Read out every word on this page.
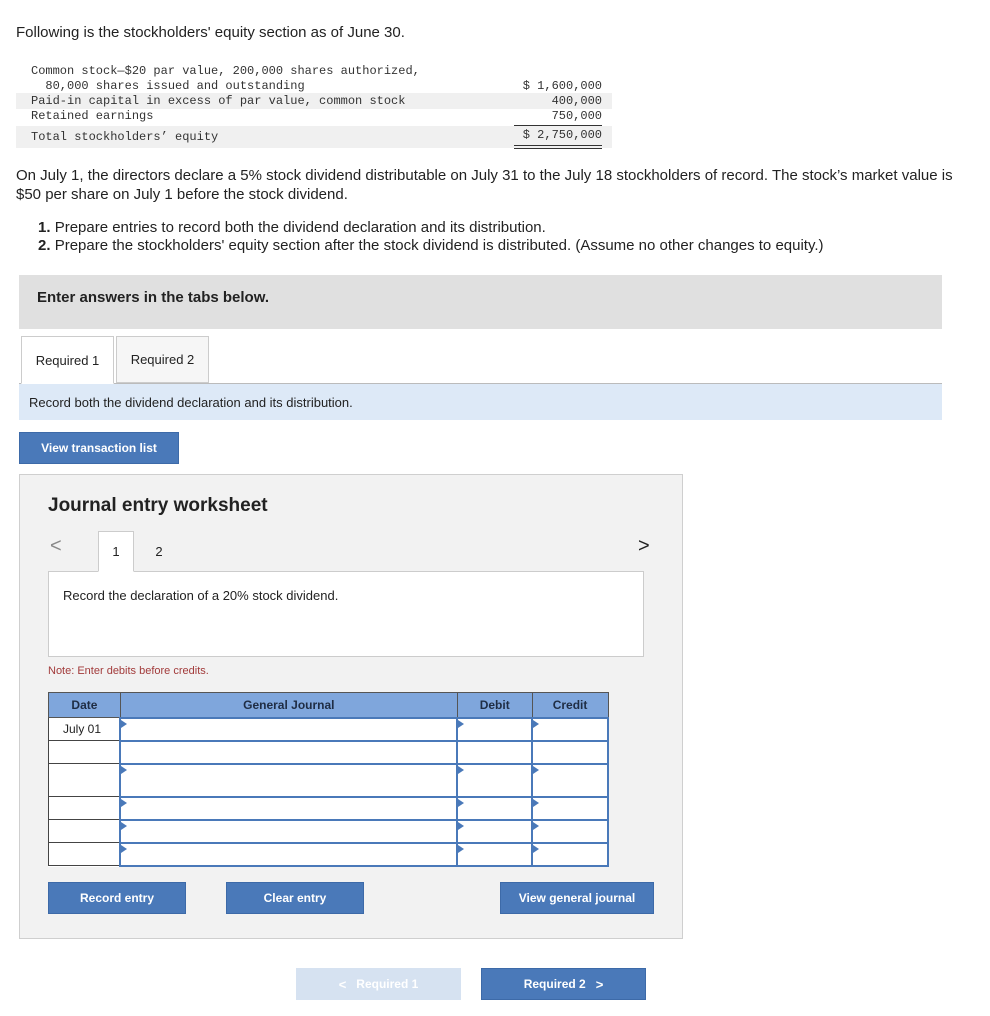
Following is the stockholders' equity section as of June 30.
Common stock—$20 par value, 200,000 shares authorized,
80,000 shares issued and outstanding	$ 1,600,000
Paid-in capital in excess of par value, common stock	400,000
Retained earnings	750,000
Total stockholders’ equity	$ 2,750,000
On July 1, the directors declare a 5% stock dividend distributable on July 31 to the July 18 stockholders of record. The stock’s market value is $50 per share on July 1 before the stock dividend.
1. Prepare entries to record both the dividend declaration and its distribution.
2. Prepare the stockholders' equity section after the stock dividend is distributed. (Assume no other changes to equity.)
Enter answers in the tabs below.
Required 1	Required 2
Record both the dividend declaration and its distribution.
View transaction list
Journal entry worksheet
<	1	2	>
Record the declaration of a 20% stock dividend.
Note: Enter debits before credits.
Date	General Journal	Debit	Credit
July 01	

Record entry	Clear entry	View general journal
<
Required 1	Required 2
>
